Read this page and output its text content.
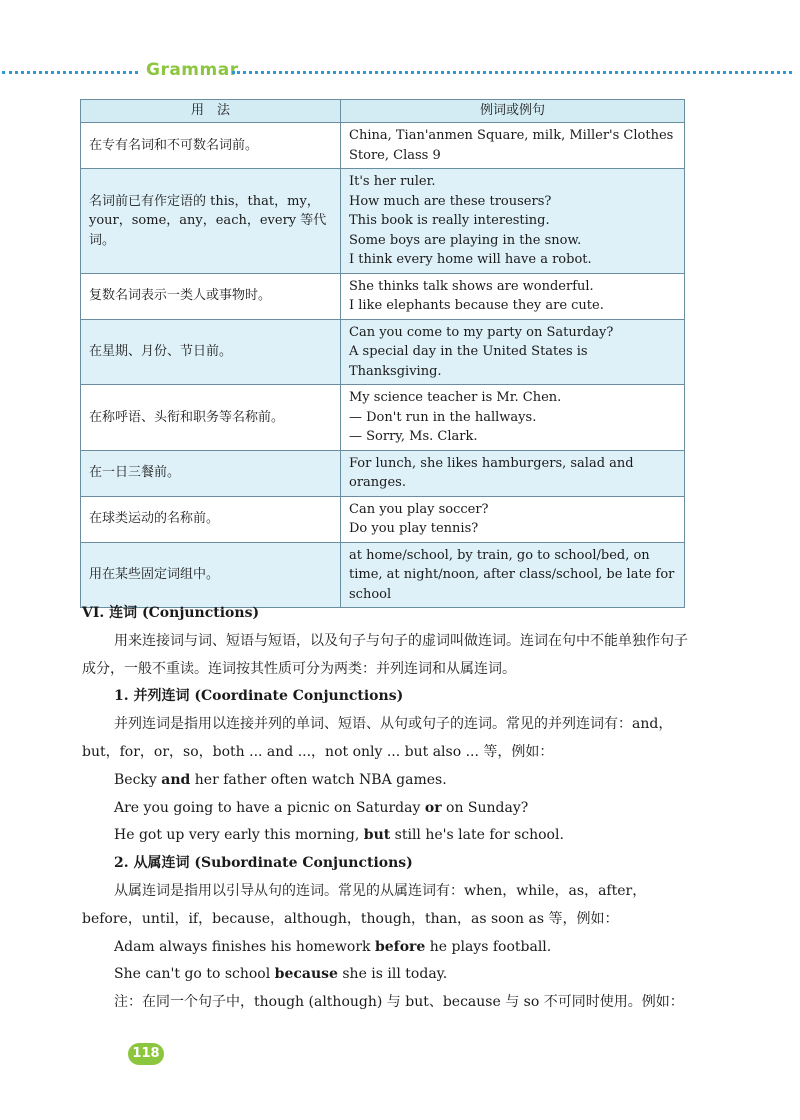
Grammar
用　法	例词或例句
在专有名词和不可数名词前。	China, Tian'anmen Square, milk, Miller's Clothes Store, Class 9

名词前已有作定语的 this，that，my，your，some，any，each，every 等代词。	It's her ruler.
How much are these trousers?
This book is really interesting.
Some boys are playing in the snow.
I think every home will have a robot.

复数名词表示一类人或事物时。	She thinks talk shows are wonderful.
I like elephants because they are cute.

在星期、月份、节日前。	Can you come to my party on Saturday?
A special day in the United States is Thanksgiving.

在称呼语、头衔和职务等名称前。	My science teacher is Mr. Chen.
— Don't run in the hallways.
— Sorry, Ms. Clark.

在一日三餐前。	For lunch, she likes hamburgers, salad and oranges.

在球类运动的名称前。	Can you play soccer?
Do you play tennis?

用在某些固定词组中。	at home/school, by train, go to school/bed, on time, at night/noon, after class/school, be late for school

VI. 连词 (Conjunctions)

用来连接词与词、短语与短语，以及句子与句子的虚词叫做连词。连词在句中不能单独作句子成分，一般不重读。连词按其性质可分为两类：并列连词和从属连词。

1. 并列连词 (Coordinate Conjunctions)

并列连词是指用以连接并列的单词、短语、从句或句子的连词。常见的并列连词有：and，but，for，or，so，both ... and ...，not only ... but also ... 等，例如：

Becky and her father often watch NBA games.

Are you going to have a picnic on Saturday or on Sunday?

He got up very early this morning, but still he's late for school.

2. 从属连词 (Subordinate Conjunctions)

从属连词是指用以引导从句的连词。常见的从属连词有：when，while，as，after，before，until，if，because，although，though，than，as soon as 等，例如：

Adam always finishes his homework before he plays football.

She can't go to school because she is ill today.

注：在同一个句子中，though (although) 与 but、because 与 so 不可同时使用。例如：

118
